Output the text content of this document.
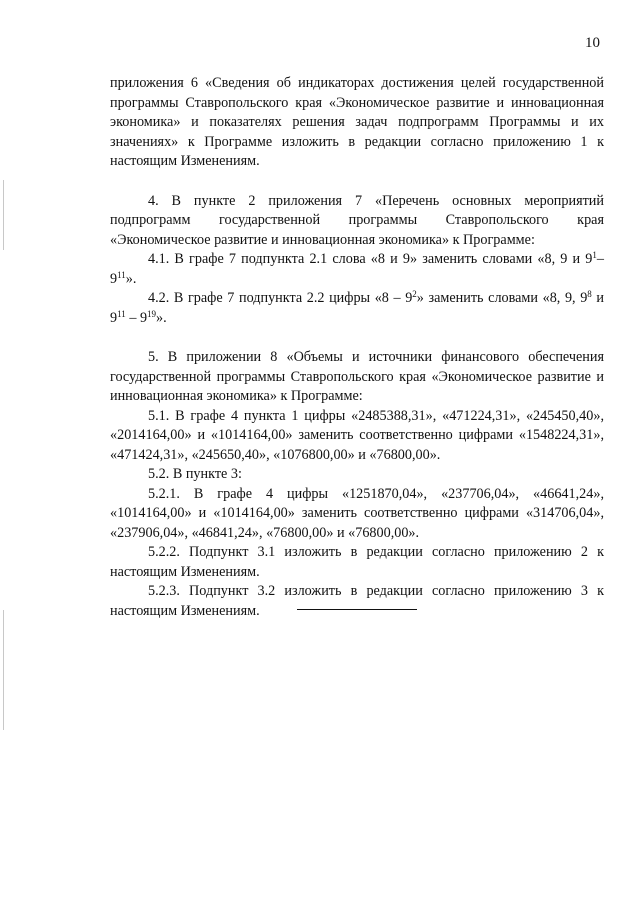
10

приложения 6 «Сведения об индикаторах достижения целей государственной программы Ставропольского края «Экономическое развитие и инновационная экономика» и показателях решения задач подпрограмм Программы и их значениях» к Программе изложить в редакции согласно приложению 1 к настоящим Изменениям.

4. В пункте 2 приложения 7 «Перечень основных мероприятий подпрограмм государственной программы Ставропольского края «Экономическое развитие и инновационная экономика» к Программе:

4.1. В графе 7 подпункта 2.1 слова «8 и 9» заменить словами «8, 9 и $9^1-$ $9^{11}$».

4.2. В графе 7 подпункта 2.2 цифры «$8 - 9^2$» заменить словами «8, 9, $9^8$ и $9^{11} - 9^{19}$».

5. В приложении 8 «Объемы и источники финансового обеспечения государственной программы Ставропольского края «Экономическое развитие и инновационная экономика» к Программе:

5.1. В графе 4 пункта 1 цифры «2485388,31», «471224,31», «245450,40», «2014164,00» и «1014164,00» заменить соответственно цифрами «1548224,31», «471424,31», «245650,40», «1076800,00» и «76800,00».

5.2. В пункте 3:

5.2.1. В графе 4 цифры «1251870,04», «237706,04», «46641,24», «1014164,00» и «1014164,00» заменить соответственно цифрами «314706,04», «237906,04», «46841,24», «76800,00» и «76800,00».

5.2.2. Подпункт 3.1 изложить в редакции согласно приложению 2 к настоящим Изменениям.

5.2.3. Подпункт 3.2 изложить в редакции согласно приложению 3 к настоящим Изменениям.
